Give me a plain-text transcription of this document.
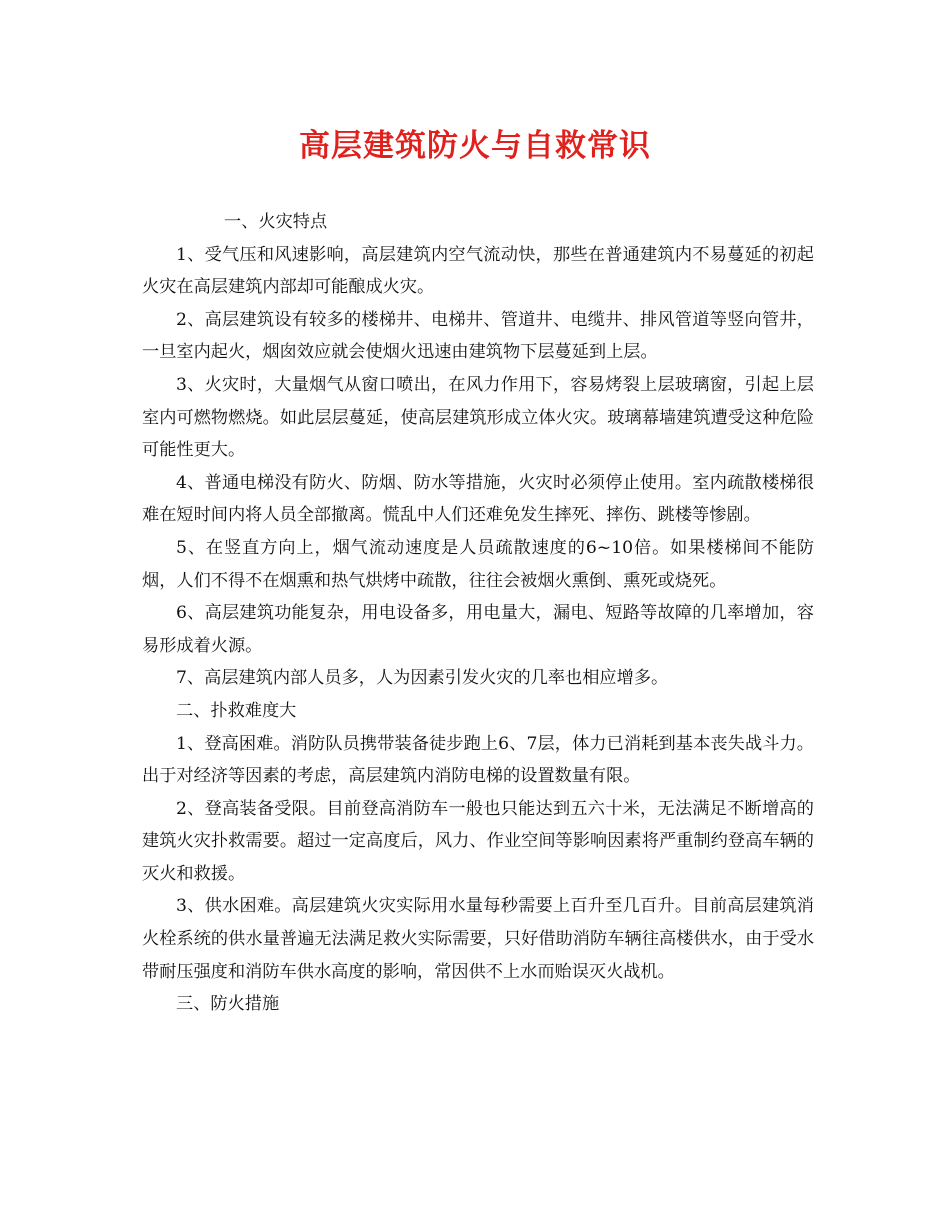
高层建筑防火与自救常识

一、火灾特点

1、受气压和风速影响，高层建筑内空气流动快，那些在普通建筑内不易蔓延的初起火灾在高层建筑内部却可能酿成火灾。

2、高层建筑设有较多的楼梯井、电梯井、管道井、电缆井、排风管道等竖向管井，一旦室内起火，烟囱效应就会使烟火迅速由建筑物下层蔓延到上层。

3、火灾时，大量烟气从窗口喷出，在风力作用下，容易烤裂上层玻璃窗，引起上层室内可燃物燃烧。如此层层蔓延，使高层建筑形成立体火灾。玻璃幕墙建筑遭受这种危险可能性更大。

4、普通电梯没有防火、防烟、防水等措施，火灾时必须停止使用。室内疏散楼梯很难在短时间内将人员全部撤离。慌乱中人们还难免发生摔死、摔伤、跳楼等惨剧。

5、在竖直方向上，烟气流动速度是人员疏散速度的6~10倍。如果楼梯间不能防烟，人们不得不在烟熏和热气烘烤中疏散，往往会被烟火熏倒、熏死或烧死。

6、高层建筑功能复杂，用电设备多，用电量大，漏电、短路等故障的几率增加，容易形成着火源。

7、高层建筑内部人员多，人为因素引发火灾的几率也相应增多。

二、扑救难度大

1、登高困难。消防队员携带装备徒步跑上6、7层，体力已消耗到基本丧失战斗力。出于对经济等因素的考虑，高层建筑内消防电梯的设置数量有限。

2、登高装备受限。目前登高消防车一般也只能达到五六十米，无法满足不断增高的建筑火灾扑救需要。超过一定高度后，风力、作业空间等影响因素将严重制约登高车辆的灭火和救援。

3、供水困难。高层建筑火灾实际用水量每秒需要上百升至几百升。目前高层建筑消火栓系统的供水量普遍无法满足救火实际需要，只好借助消防车辆往高楼供水，由于受水带耐压强度和消防车供水高度的影响，常因供不上水而贻误灭火战机。

三、防火措施
